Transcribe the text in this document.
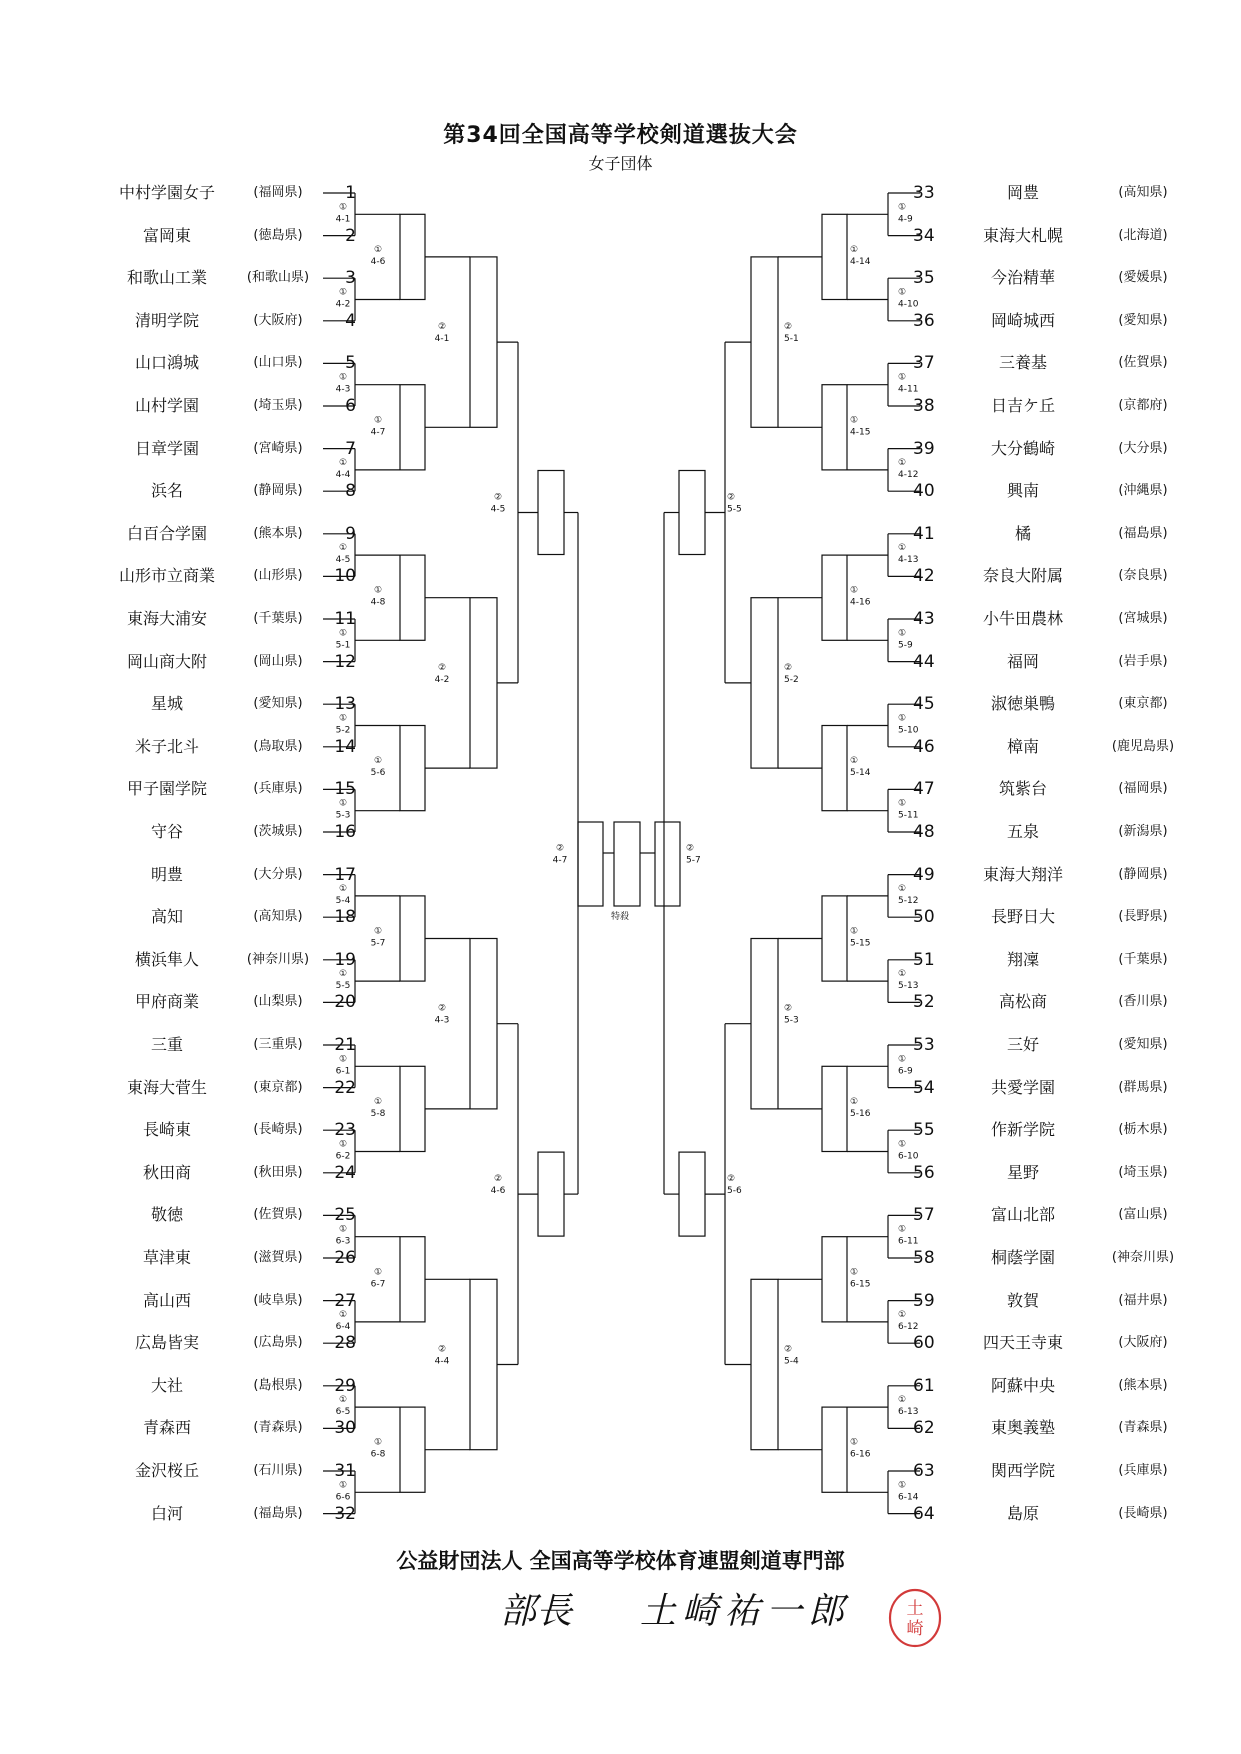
第34回全国高等学校剣道選抜大会
女子団体
中村学園女子	(福岡県)	1
富岡東	(徳島県)	2
和歌山工業	(和歌山県)	3
清明学院	(大阪府)	4
山口鴻城	(山口県)	5
山村学園	(埼玉県)	6
日章学園	(宮崎県)	7
浜名	(静岡県)	8
白百合学園	(熊本県)	9
山形市立商業	(山形県)	10
東海大浦安	(千葉県)	11
岡山商大附	(岡山県)	12
星城	(愛知県)	13
米子北斗	(鳥取県)	14
甲子園学院	(兵庫県)	15
守谷	(茨城県)	16
明豊	(大分県)	17
高知	(高知県)	18
横浜隼人	(神奈川県)	19
甲府商業	(山梨県)	20
三重	(三重県)	21
東海大菅生	(東京都)	22
長崎東	(長崎県)	23
秋田商	(秋田県)	24
敬徳	(佐賀県)	25
草津東	(滋賀県)	26
高山西	(岐阜県)	27
広島皆実	(広島県)	28
大社	(島根県)	29
青森西	(青森県)	30
金沢桜丘	(石川県)	31
白河	(福島県)	32
33	岡豊	(高知県)
34	東海大札幌	(北海道)
35	今治精華	(愛媛県)
36	岡崎城西	(愛知県)
37	三養基	(佐賀県)
38	日吉ケ丘	(京都府)
39	大分鶴崎	(大分県)
40	興南	(沖縄県)
41	橘	(福島県)
42	奈良大附属	(奈良県)
43	小牛田農林	(宮城県)
44	福岡	(岩手県)
45	淑徳巣鴨	(東京都)
46	樟南	(鹿児島県)
47	筑紫台	(福岡県)
48	五泉	(新潟県)
49	東海大翔洋	(静岡県)
50	長野日大	(長野県)
51	翔凜	(千葉県)
52	高松商	(香川県)
53	三好	(愛知県)
54	共愛学園	(群馬県)
55	作新学院	(栃木県)
56	星野	(埼玉県)
57	富山北部	(富山県)
58	桐蔭学園	(神奈川県)
59	敦賀	(福井県)
60	四天王寺東	(大阪府)
61	阿蘇中央	(熊本県)
62	東奥義塾	(青森県)
63	関西学院	(兵庫県)
64	島原	(長崎県)
①
4-1
①
4-2
①
4-3
①
4-4
①
4-5
①
5-1
①
5-2
①
5-3
①
5-4
①
5-5
①
6-1
①
6-2
①
6-3
①
6-4
①
6-5
①
6-6
①
4-6
①
4-7
①
4-8
①
5-6
①
5-7
①
5-8
①
6-7
①
6-8
②
4-1
②
4-2
②
4-3
②
4-4
②
4-5
②
4-6
②
4-7
①
4-9
①
4-10
①
4-11
①
4-12
①
4-13
①
5-9
①
5-10
①
5-11
①
5-12
①
5-13
①
6-9
①
6-10
①
6-11
①
6-12
①
6-13
①
6-14
①
4-14
①
4-15
①
4-16
①
5-14
①
5-15
①
5-16
①
6-15
①
6-16
②
5-1
②
5-2
②
5-3
②
5-4
②
5-5
②
5-6
②
5-7
特殺
公益財団法人 全国高等学校体育連盟剣道専門部
部長 土崎祐一郎	土
崎
